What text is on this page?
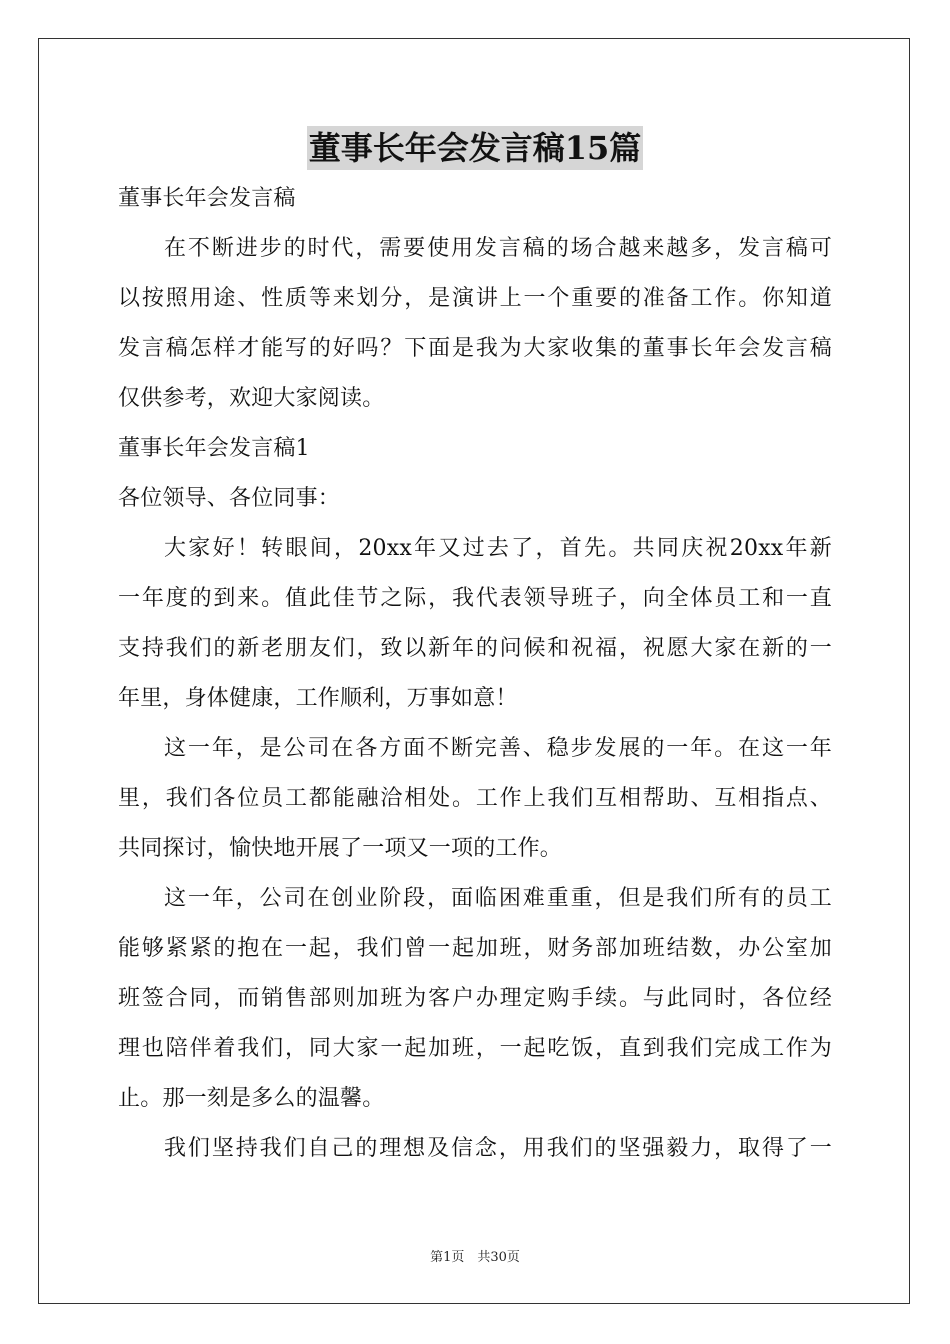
董事长年会发言稿15篇
董事长年会发言稿
在不断进步的时代，需要使用发言稿的场合越来越多，发言稿可
以按照用途、性质等来划分，是演讲上一个重要的准备工作。你知道
发言稿怎样才能写的好吗？下面是我为大家收集的董事长年会发言稿
仅供参考，欢迎大家阅读。
董事长年会发言稿1
各位领导、各位同事：
大家好！转眼间，20xx年又过去了，首先。共同庆祝20xx年新
一年度的到来。值此佳节之际，我代表领导班子，向全体员工和一直
支持我们的新老朋友们，致以新年的问候和祝福，祝愿大家在新的一
年里，身体健康，工作顺利，万事如意！
这一年，是公司在各方面不断完善、稳步发展的一年。在这一年
里，我们各位员工都能融洽相处。工作上我们互相帮助、互相指点、
共同探讨，愉快地开展了一项又一项的工作。
这一年，公司在创业阶段，面临困难重重，但是我们所有的员工
能够紧紧的抱在一起，我们曾一起加班，财务部加班结数，办公室加
班签合同，而销售部则加班为客户办理定购手续。与此同时，各位经
理也陪伴着我们，同大家一起加班，一起吃饭，直到我们完成工作为
止。那一刻是多么的温馨。
我们坚持我们自己的理想及信念，用我们的坚强毅力，取得了一
第1页　共30页
